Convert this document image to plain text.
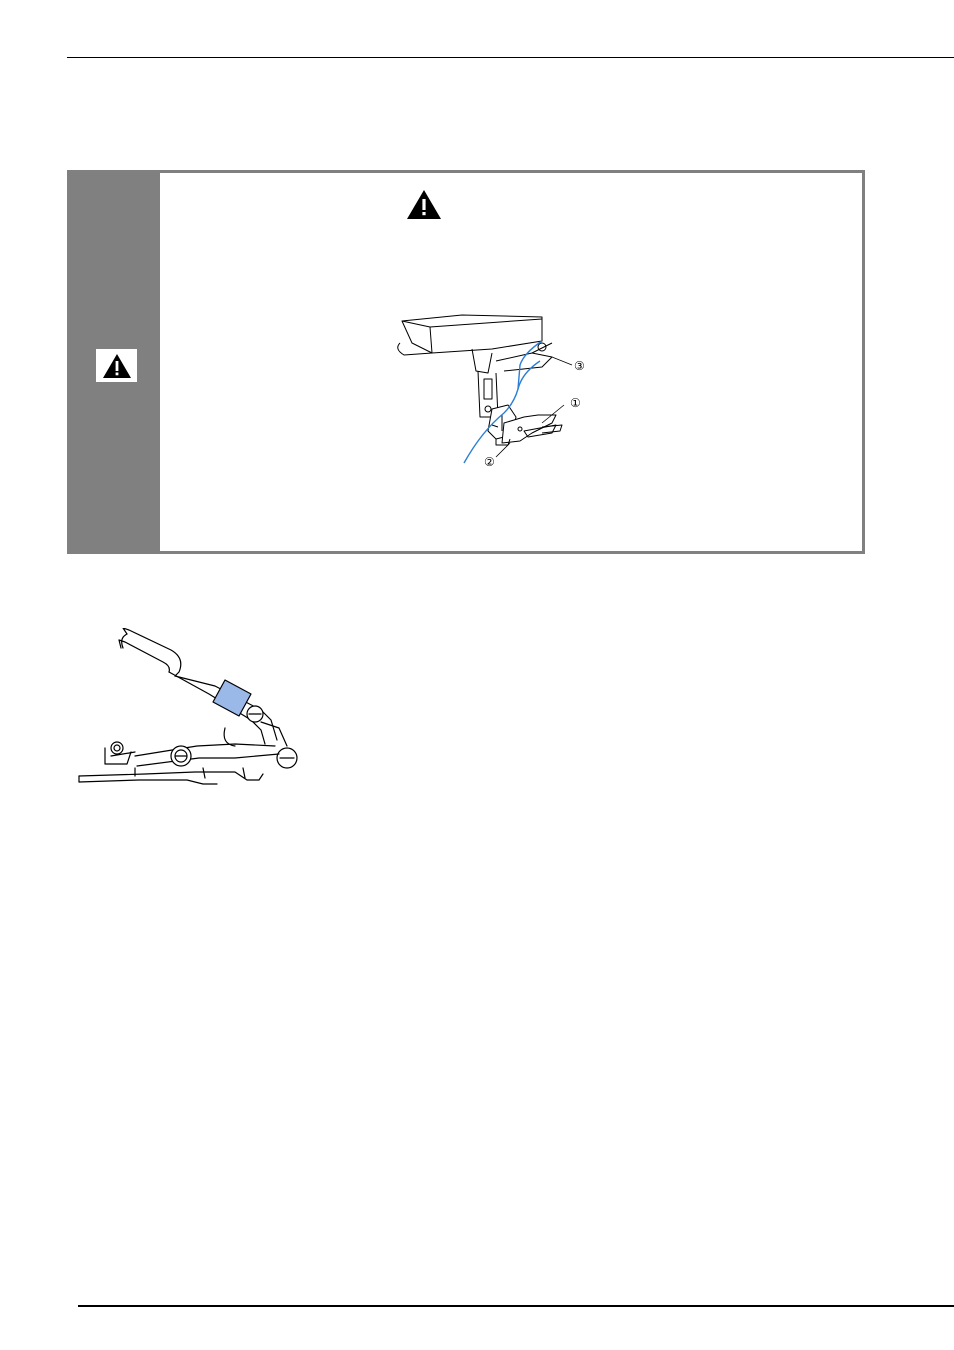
①
②
③
